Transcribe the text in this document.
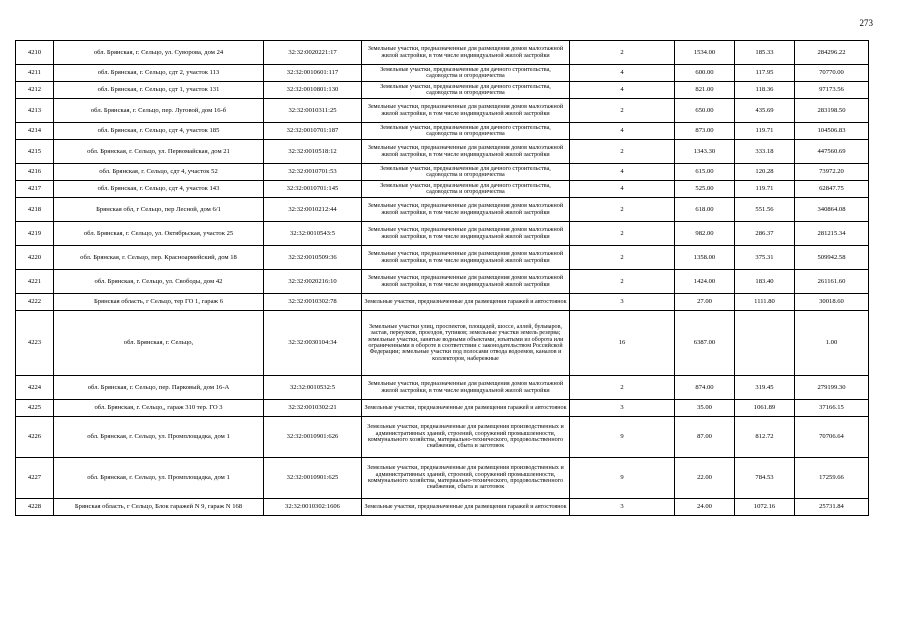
273
4210	обл. Брянская, г. Сельцо, ул. Суворова, дом 24	32:32:0020221:17	Земельные участки, предназначенные для размещения домов малоэтажной жилой застройки, в том числе индивидуальной жилой застройки	2	1534.00	185.33	284296.22
4211	обл. Брянская, г. Сельцо, сдт 2, участок 113	32:32:0010601:117	Земельные участки, предназначенные для дачного строительства, садоводства и огородничества	4	600.00	117.95	70770.00
4212	обл. Брянская, г. Сельцо, сдт 1, участок 131	32:32:0010801:130	Земельные участки, предназначенные для дачного строительства, садоводства и огородничества	4	821.00	118.36	97173.56
4213	обл. Брянская, г. Сельцо, пер. Луговой, дом 16-б	32:32:0010311:25	Земельные участки, предназначенные для размещения домов малоэтажной жилой застройки, в том числе индивидуальной жилой застройки	2	650.00	435.69	283198.50
4214	обл. Брянская, г. Сельцо, сдт 4, участок 185	32:32:0010701:187	Земельные участки, предназначенные для дачного строительства, садоводства и огородничества	4	873.00	119.71	104506.83
4215	обл. Брянская, г. Сельцо, ул. Первомайская, дом 21	32:32:0010518:12	Земельные участки, предназначенные для размещения домов малоэтажной жилой застройки, в том числе индивидуальной жилой застройки	2	1343.30	333.18	447560.69
4216	обл. Брянская, г. Сельцо, сдт 4, участок 52	32:32:0010701:53	Земельные участки, предназначенные для дачного строительства, садоводства и огородничества	4	615.00	120.28	73972.20
4217	обл. Брянская, г. Сельцо, сдт 4, участок 143	32:32:0010701:145	Земельные участки, предназначенные для дачного строительства, садоводства и огородничества	4	525.00	119.71	62847.75
4218	Брянская обл, г Сельцо, пер Лесной, дом 6/1	32:32:0010212:44	Земельные участки, предназначенные для размещения домов малоэтажной жилой застройки, в том числе индивидуальной жилой застройки	2	618.00	551.56	340864.08
4219	обл. Брянская, г. Сельцо, ул. Октябрьская, участок 25	32:32:0010543:5	Земельные участки, предназначенные для размещения домов малоэтажной жилой застройки, в том числе индивидуальной жилой застройки	2	982.00	286.37	281215.34
4220	обл. Брянская, г. Сельцо, пер. Красноармейский, дом 18	32:32:0010509:36	Земельные участки, предназначенные для размещения домов малоэтажной жилой застройки, в том числе индивидуальной жилой застройки	2	1358.00	375.31	509942.58
4221	обл. Брянская, г. Сельцо, ул. Свободы, дом 42	32:32:0020216:10	Земельные участки, предназначенные для размещения домов малоэтажной жилой застройки, в том числе индивидуальной жилой застройки	2	1424.00	183.40	261161.60
4222	Брянская область, г Сельцо, тер ГО 1, гараж 6	32:32:0010302:78	Земельные участки, предназначенные для размещения гаражей и автостоянок	3	27.00	1111.80	30018.60
4223	обл. Брянская, г. Сельцо,	32:32:0030104:34	Земельные участки улиц, проспектов, площадей, шоссе, аллей, бульваров, застав, переулков, проездов, тупиков; земельные участки земель резерва; земельные участки, занятые водными объектами, изъятыми из оборота или ограниченными в обороте в соответствии с законодательством Российской Федерации; земельные участки под полосами отвода водоемов, каналов и коллекторов, набережные	16	6387.00		1.00
4224	обл. Брянская, г. Сельцо, пер. Парковый, дом 16-А	32:32:0010532:5	Земельные участки, предназначенные для размещения домов малоэтажной жилой застройки, в том числе индивидуальной жилой застройки	2	874.00	319.45	279199.30
4225	обл. Брянская, г. Сельцо,, гараж 310 тер. ГО 3	32:32:0010302:21	Земельные участки, предназначенные для размещения гаражей и автостоянок	3	35.00	1061.89	37166.15
4226	обл. Брянская, г. Сельцо, ул. Промплощадка, дом 1	32:32:0010901:626	Земельные участки, предназначенные для размещения производственных и административных зданий, строений, сооружений промышленности, коммунального хозяйства, материально-технического, продовольственного снабжения, сбыта и заготовок	9	87.00	812.72	70706.64
4227	обл. Брянская, г. Сельцо, ул. Промплощадка, дом 1	32:32:0010901:625	Земельные участки, предназначенные для размещения производственных и административных зданий, строений, сооружений промышленности, коммунального хозяйства, материально-технического, продовольственного снабжения, сбыта и заготовок	9	22.00	784.53	17259.66
4228	Брянская область, г Сельцо, Блок гаражей N 9, гараж N 168	32:32:0010302:1606	Земельные участки, предназначенные для размещения гаражей и автостоянок	3	24.00	1072.16	25731.84
